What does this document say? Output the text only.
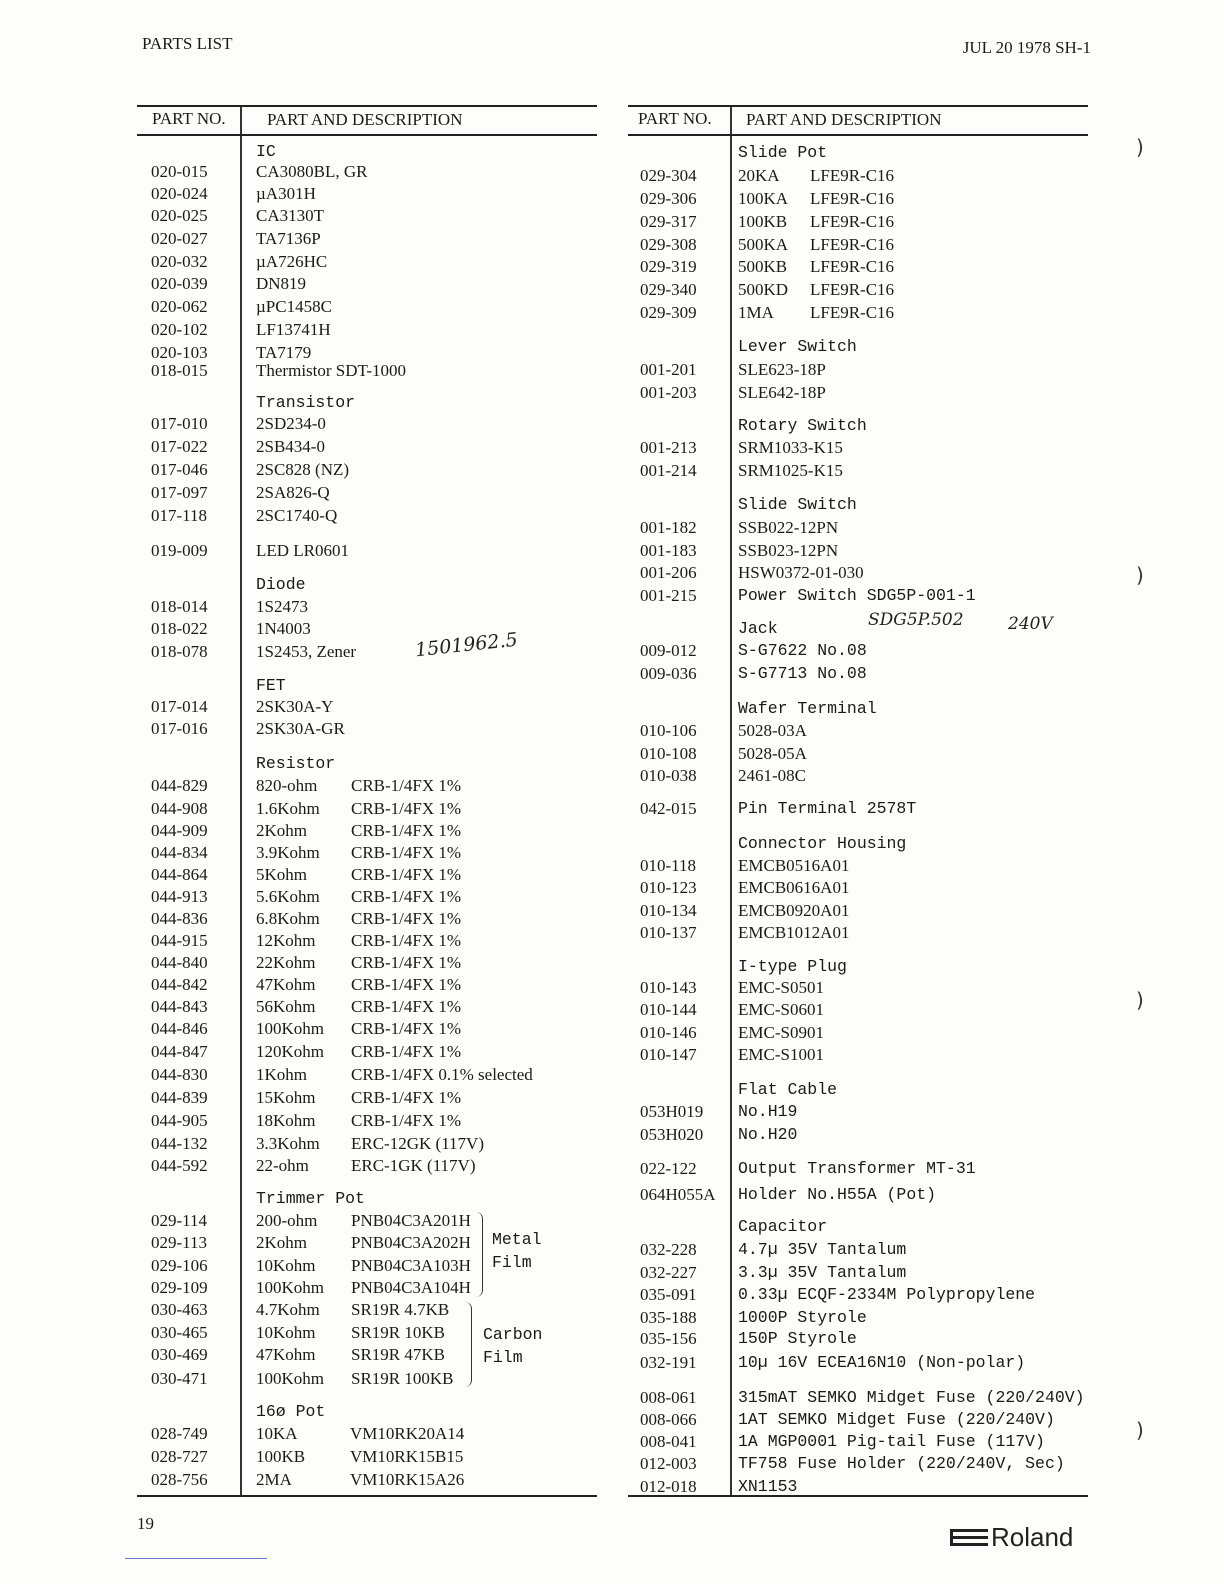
PARTS LIST	JUL 20 1978 SH-1
PART NO. PART AND DESCRIPTION
IC
020-015	CA3080BL, GR
020-024	µA301H
020-025	CA3130T
020-027	TA7136P
020-032	µA726HC
020-039	DN819
020-062	µPC1458C
020-102	LF13741H
020-103	TA7179
018-015	Thermistor SDT-1000
Transistor
017-010	2SD234-0
017-022	2SB434-0
017-046	2SC828 (NZ)
017-097	2SA826-Q
017-118	2SC1740-Q
019-009	LED LR0601
Diode
018-014	1S2473
018-022	1N4003
018-078	1S2453, Zener
FET
017-014	2SK30A-Y
017-016	2SK30A-GR
Resistor
044-829	820-ohm CRB-1/4FX 1%
044-908	1.6Kohm CRB-1/4FX 1%
044-909	2Kohm	CRB-1/4FX 1%
044-834	3.9Kohm CRB-1/4FX 1%
044-864	5Kohm	CRB-1/4FX 1%
044-913	5.6Kohm CRB-1/4FX 1%
044-836	6.8Kohm CRB-1/4FX 1%
044-915	12Kohm CRB-1/4FX 1%
044-840	22Kohm CRB-1/4FX 1%
044-842	47Kohm CRB-1/4FX 1%
044-843	56Kohm CRB-1/4FX 1%
044-846	100Kohm CRB-1/4FX 1%
044-847	120Kohm CRB-1/4FX 1%
044-830	1Kohm	CRB-1/4FX 0.1% selected
044-839	15Kohm CRB-1/4FX 1%
044-905	18Kohm CRB-1/4FX 1%
044-132	3.3Kohm ERC-12GK (117V)
044-592	22-ohm ERC-1GK (117V)
Trimmer Pot
029-114	200-ohm PNB04C3A201H
029-113	2Kohm	PNB04C3A202H
029-106	10Kohm PNB04C3A103H
029-109	100Kohm PNB04C3A104H
030-463	4.7Kohm SR19R 4.7KB
030-465	10Kohm SR19R 10KB
030-469	47Kohm SR19R 47KB
030-471	100Kohm SR19R 100KB
16ø Pot
028-749	10KA	VM10RK20A14
028-727	100KB	VM10RK15B15
028-756	2MA	VM10RK15A26
Metal Film
Carbon Film
1501962.5
PART NO. PART AND DESCRIPTION
Slide Pot
029-304 20KA LFE9R-C16
029-306 100KA LFE9R-C16
029-317 100KB LFE9R-C16
029-308 500KA LFE9R-C16
029-319 500KB LFE9R-C16
029-340 500KD LFE9R-C16
029-309 1MA LFE9R-C16
Lever Switch
001-201 SLE623-18P
001-203 SLE642-18P
Rotary Switch
001-213 SRM1033-K15
001-214 SRM1025-K15
Slide Switch
001-182 SSB022-12PN
001-183 SSB023-12PN
001-206 HSW0372-01-030
001-215	Power Switch SDG5P-001-1
Jack
009-012	S-G7622 No.08
009-036	S-G7713 No.08
Wafer Terminal
010-106 5028-03A
010-108 5028-05A
010-038 2461-08C
042-015	Pin Terminal 2578T
Connector Housing
010-118 EMCB0516A01
010-123 EMCB0616A01
010-134 EMCB0920A01
010-137 EMCB1012A01
I-type Plug
010-143 EMC-S0501
010-144 EMC-S0601
010-146 EMC-S0901
010-147 EMC-S1001
Flat Cable
053H019 No.H19
053H020 No.H20
022-122	Output Transformer MT-31
064H055A Holder No.H55A (Pot)
Capacitor
032-228	4.7µ 35V Tantalum
032-227	3.3µ 35V Tantalum
035-091	0.33µ ECQF-2334M Polypropylene
035-188	1000P Styrole
035-156	150P Styrole
032-191	10µ 16V ECEA16N10 (Non-polar)
008-061	315mAT SEMKO Midget Fuse (220/240V)
008-066	1AT SEMKO Midget Fuse (220/240V)
008-041	1A MGP0001 Pig-tail Fuse (117V)
012-003	TF758 Fuse Holder (220/240V, Sec)
012-018	XN1153
SDG5P.502	240V
)
)
)
)
19	Roland
